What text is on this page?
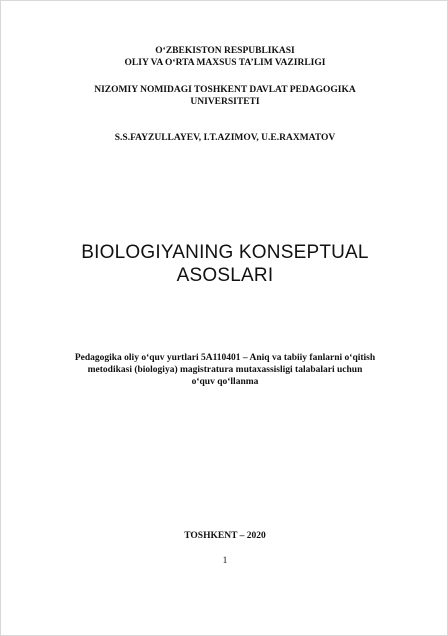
O‘ZBEKISTON RESPUBLIKASI
OLIY VA O‘RTA MAXSUS TA’LIM VAZIRLIGI
NIZOMIY NOMIDAGI TOSHKENT DAVLAT PEDAGOGIKA
UNIVERSITETI
S.S.FAYZULLAYEV, I.T.AZIMOV, U.E.RAXMATOV
BIOLOGIYANING KONSEPTUAL
ASOSLARI
Pedagogika oliy o‘quv yurtlari 5A110401 – Aniq va tabiiy fanlarni o‘qitish
metodikasi (biologiya) magistratura mutaxassisligi talabalari uchun
o‘quv qo‘llanma
TOSHKENT – 2020
1
